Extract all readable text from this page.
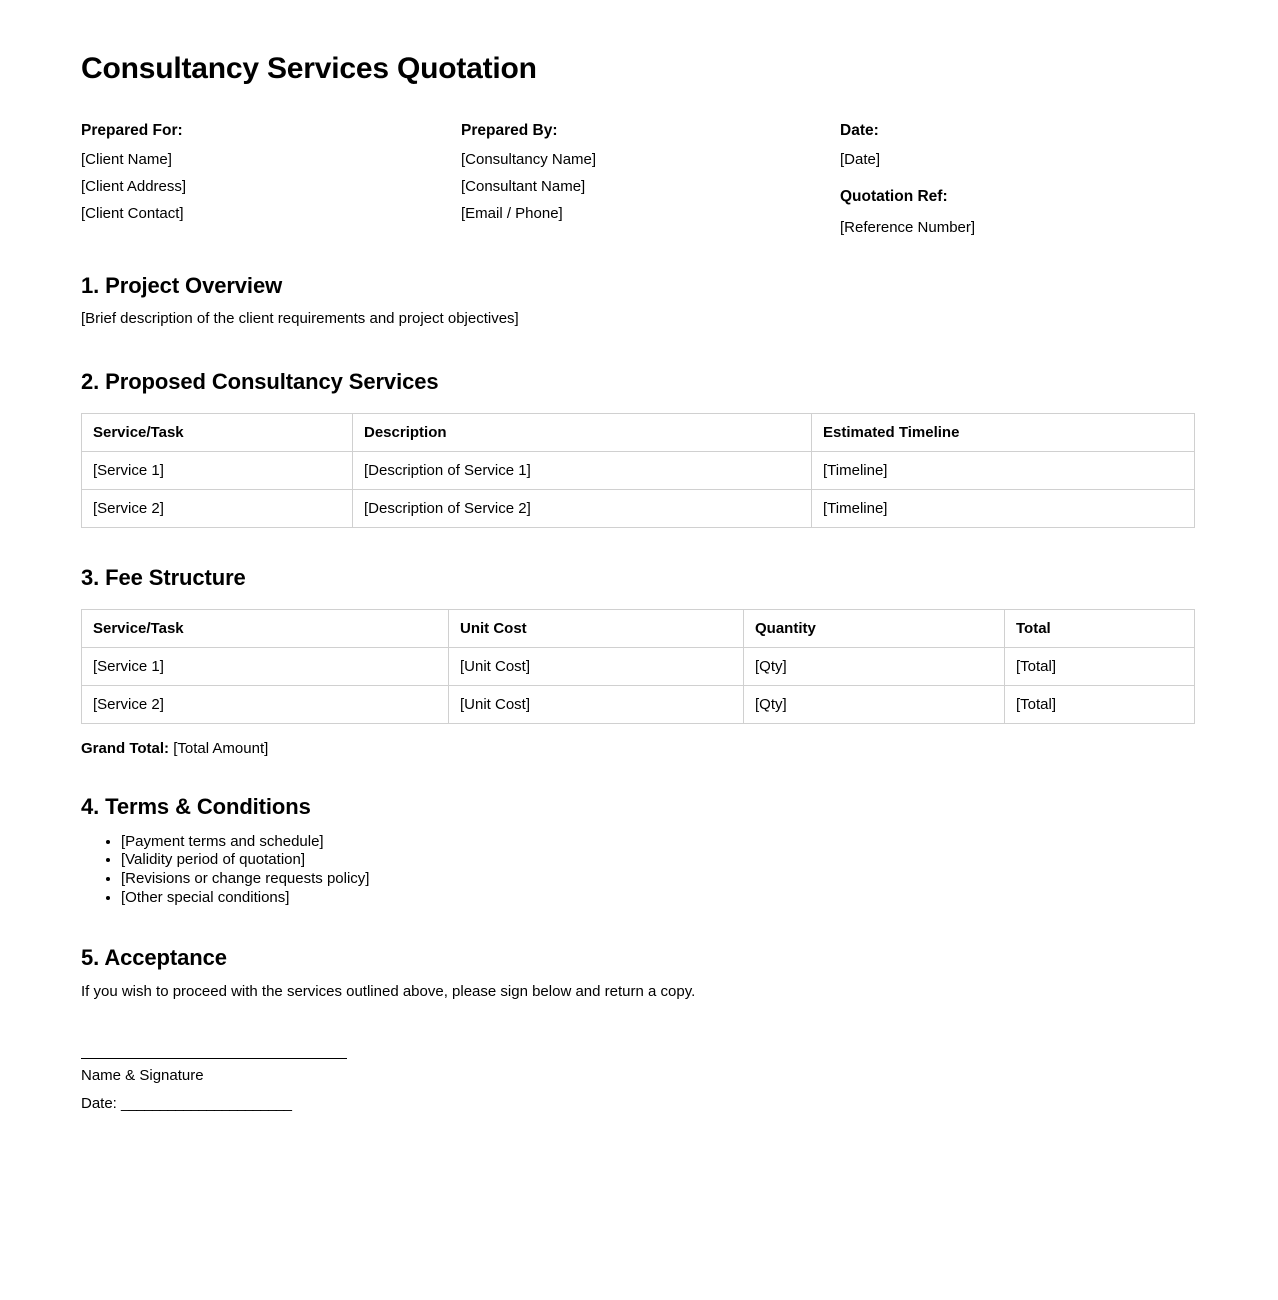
Consultancy Services Quotation
Prepared For:
[Client Name]
[Client Address]
[Client Contact]
Prepared By:
[Consultancy Name]
[Consultant Name]
[Email / Phone]
Date:
[Date]
Quotation Ref:
[Reference Number]
1. Project Overview

[Brief description of the client requirements and project objectives]

2. Proposed Consultancy Services
Service/Task	Description	Estimated Timeline
[Service 1]	[Description of Service 1]	[Timeline]
[Service 2]	[Description of Service 2]	[Timeline]
3. Fee Structure
Service/Task	Unit Cost	Quantity	Total
[Service 1]	[Unit Cost]	[Qty]	[Total]
[Service 2]	[Unit Cost]	[Qty]	[Total]

Grand Total: [Total Amount]

4. Terms & Conditions
• [Payment terms and schedule]
• [Validity period of quotation]
• [Revisions or change requests policy]
• [Other special conditions]
5. Acceptance

If you wish to proceed with the services outlined above, please sign below and return a copy.

Name & Signature
Date: ______________________
